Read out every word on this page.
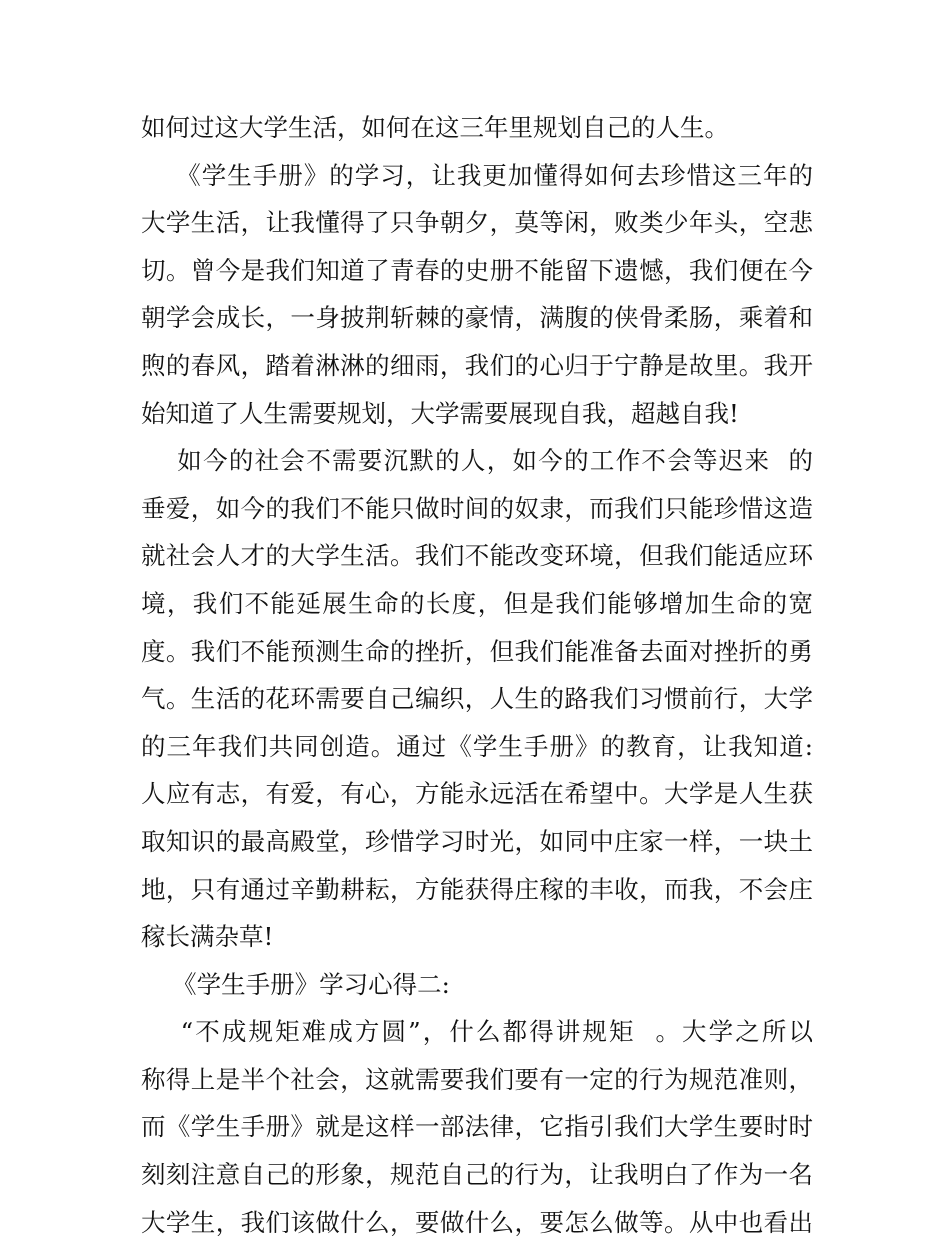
如何过这大学生活，如何在这三年里规划自己的人生。
《学生手册》的学习，让我更加懂得如何去珍惜这三年的
大学生活，让我懂得了只争朝夕，莫等闲，败类少年头，空悲
切。曾今是我们知道了青春的史册不能留下遗憾，我们便在今
朝学会成长，一身披荆斩棘的豪情，满腹的侠骨柔肠，乘着和
煦的春风，踏着淋淋的细雨，我们的心归于宁静是故里。我开
始知道了人生需要规划，大学需要展现自我，超越自我!
如今的社会不需要沉默的人，如今的工作不会等迟来  的
垂爱，如今的我们不能只做时间的奴隶，而我们只能珍惜这造
就社会人才的大学生活。我们不能改变环境，但我们能适应环
境，我们不能延展生命的长度，但是我们能够增加生命的宽
度。我们不能预测生命的挫折，但我们能准备去面对挫折的勇
气。生活的花环需要自己编织，人生的路我们习惯前行，大学
的三年我们共同创造。通过《学生手册》的教育，让我知道:
人应有志，有爱，有心，方能永远活在希望中。大学是人生获
取知识的最高殿堂，珍惜学习时光，如同中庄家一样，一块土
地，只有通过辛勤耕耘，方能获得庄稼的丰收，而我，不会庄
稼长满杂草!
《学生手册》学习心得二:
“不成规矩难成方圆”，什么都得讲规矩  。大学之所以
称得上是半个社会，这就需要我们要有一定的行为规范准则，
而《学生手册》就是这样一部法律，它指引我们大学生要时时
刻刻注意自己的形象，规范自己的行为，让我明白了作为一名
大学生，我们该做什么，要做什么，要怎么做等。从中也看出
